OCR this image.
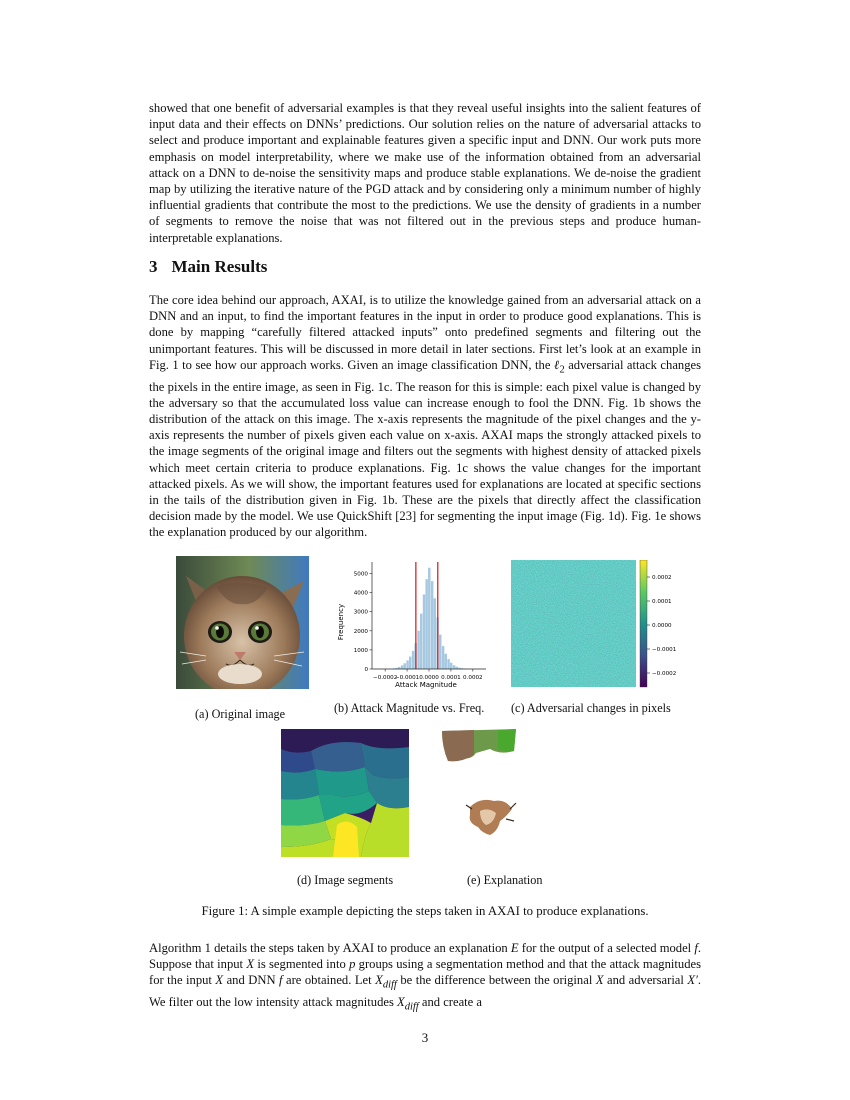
showed that one benefit of adversarial examples is that they reveal useful insights into the salient features of input data and their effects on DNNs’ predictions. Our solution relies on the nature of adversarial attacks to select and produce important and explainable features given a specific input and DNN. Our work puts more emphasis on model interpretability, where we make use of the information obtained from an adversarial attack on a DNN to de-noise the sensitivity maps and produce stable explanations. We de-noise the gradient map by utilizing the iterative nature of the PGD attack and by considering only a minimum number of highly influential gradients that contribute the most to the predictions. We use the density of gradients in a number of segments to remove the noise that was not filtered out in the previous steps and produce human-interpretable explanations.

3 Main Results

The core idea behind our approach, AXAI, is to utilize the knowledge gained from an adversarial attack on a DNN and an input, to find the important features in the input in order to produce good explanations. This is done by mapping “carefully filtered attacked inputs” onto predefined segments and filtering out the unimportant features. This will be discussed in more detail in later sections. First let’s look at an example in Fig. 1 to see how our approach works. Given an image classification DNN, the ℓ$_2$ adversarial attack changes the pixels in the entire image, as seen in Fig. 1c. The reason for this is simple: each pixel value is changed by the adversary so that the accumulated loss value can increase enough to fool the DNN. Fig. 1b shows the distribution of the attack on this image. The x-axis represents the magnitude of the pixel changes and the y-axis represents the number of pixels given each value on x-axis. AXAI maps the strongly attacked pixels to the image segments of the original image and filters out the segments with highest density of attacked pixels which meet certain criteria to produce explanations. Fig. 1c shows the value changes for the important attacked pixels. As we will show, the important features used for explanations are located at specific sections in the tails of the distribution given in Fig. 1b. These are the pixels that directly affect the classification decision made by the model. We use QuickShift [23] for segmenting the input image (Fig. 1d). Fig. 1e shows the explanation produced by our algorithm.

−0.0002
−0.0001 0.0000 0.0001 0.0002
0
1000
2000
3000
4000
5000
Attack Magnitude
Frequency
0.0002
0.0001
0.0000
−0.0001
−0.0002
(a) Original image	(b) Attack Magnitude vs. Freq. (c) Adversarial changes in pixels
(d) Image segments	(e) Explanation
Figure 1: A simple example depicting the steps taken in AXAI to produce explanations.

Algorithm 1 details the steps taken by AXAI to produce an explanation E for the output of a selected model f. Suppose that input X is segmented into p groups using a segmentation method and that the attack magnitudes for the input X and DNN f are obtained. Let $X_{diff}$ be the difference between the original X and adversarial X′. We filter out the low intensity attack magnitudes $X_{diff}$ and create a

3
